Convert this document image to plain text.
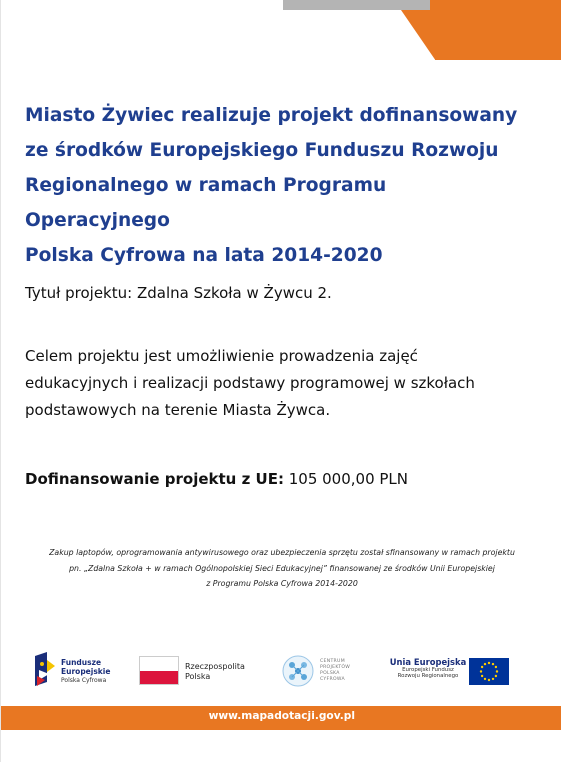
Miasto Żywiec realizuje projekt dofinansowany
ze środków Europejskiego Funduszu Rozwoju
Regionalnego w ramach Programu Operacyjnego
Polska Cyfrowa na lata 2014-2020
Tytuł projektu: Zdalna Szkoła w Żywcu 2.
Celem projektu jest umożliwienie prowadzenia zajęć
edukacyjnych i realizacji podstawy programowej w szkołach
podstawowych na terenie Miasta Żywca.
Dofinansowanie projektu z UE: 105 000,00 PLN
Zakup laptopów, oprogramowania antywirusowego oraz ubezpieczenia sprzętu został sfinansowany w ramach projektu
pn. „Zdalna Szkoła + w ramach Ogólnopolskiej Sieci Edukacyjnej” finansowanej ze środków Unii Europejskiej
z Programu Polska Cyfrowa 2014-2020
Fundusze
Europejskie
Polska Cyfrowa
Rzeczpospolita
Polska
CENTRUM
PROJEKTÓW
POLSKA
CYFROWA
Unia Europejska
Europejski Fundusz
Rozwoju Regionalnego
www.mapadotacji.gov.pl
